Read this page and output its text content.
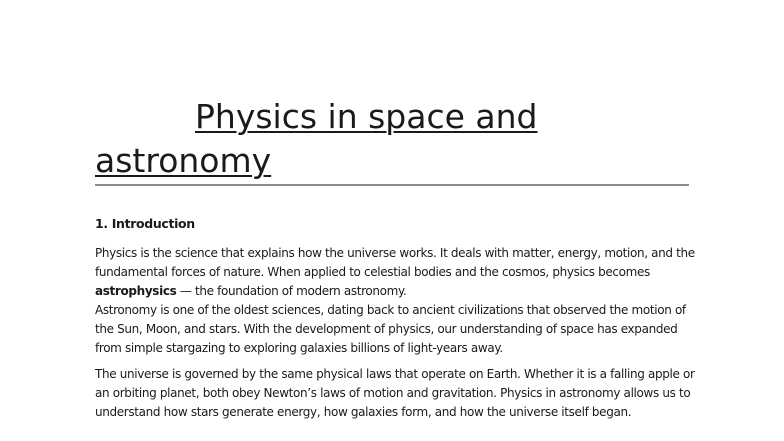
Physics in space and
astronomy

1. Introduction

Physics is the science that explains how the universe works. It deals with matter, energy, motion, and the fundamental forces of nature. When applied to celestial bodies and the cosmos, physics becomes astrophysics — the foundation of modern astronomy.

Astronomy is one of the oldest sciences, dating back to ancient civilizations that observed the motion of the Sun, Moon, and stars. With the development of physics, our understanding of space has expanded from simple stargazing to exploring galaxies billions of light-years away.

The universe is governed by the same physical laws that operate on Earth. Whether it is a falling apple or an orbiting planet, both obey Newton’s laws of motion and gravitation. Physics in astronomy allows us to understand how stars generate energy, how galaxies form, and how the universe itself began.
